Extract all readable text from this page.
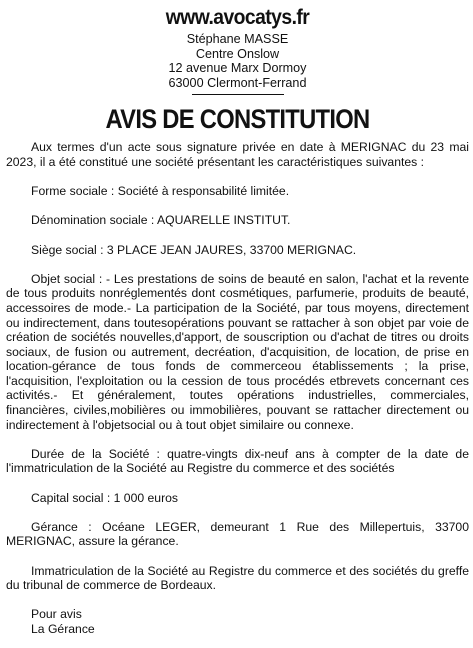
www.avocatys.fr
Stéphane MASSE
Centre Onslow
12 avenue Marx Dormoy
63000 Clermont-Ferrand
AVIS DE CONSTITUTION

Aux termes d'un acte sous signature privée en date à MERIGNAC du 23 mai 2023, il a été constitué une société présentant les caractéristiques suivantes :

Forme sociale : Société à responsabilité limitée.

Dénomination sociale : AQUARELLE INSTITUT.

Siège social : 3 PLACE JEAN JAURES, 33700 MERIGNAC.

Objet social : - Les prestations de soins de beauté en salon, l'achat et la revente de tous produits nonréglementés dont cosmétiques, parfumerie, produits de beauté, accessoires de mode.- La participation de la Société, par tous moyens, directement ou indirectement, dans toutesopérations pouvant se rattacher à son objet par voie de création de sociétés nouvelles,d'apport, de souscription ou d'achat de titres ou droits sociaux, de fusion ou autrement, decréation, d'acquisition, de location, de prise en location-gérance de tous fonds de commerceou établissements ; la prise, l'acquisition, l'exploitation ou la cession de tous procédés etbrevets concernant ces activités.- Et généralement, toutes opérations industrielles, commerciales, financières, civiles,mobilières ou immobilières, pouvant se rattacher directement ou indirectement à l'objetsocial ou à tout objet similaire ou connexe.

Durée de la Société : quatre-vingts dix-neuf ans à compter de la date de l'immatriculation de la Société au Registre du commerce et des sociétés

Capital social : 1 000 euros

Gérance : Océane LEGER, demeurant 1 Rue des Millepertuis, 33700 MERIGNAC, assure la gérance.

Immatriculation de la Société au Registre du commerce et des sociétés du greffe du tribunal de commerce de Bordeaux.

Pour avis

La Gérance
